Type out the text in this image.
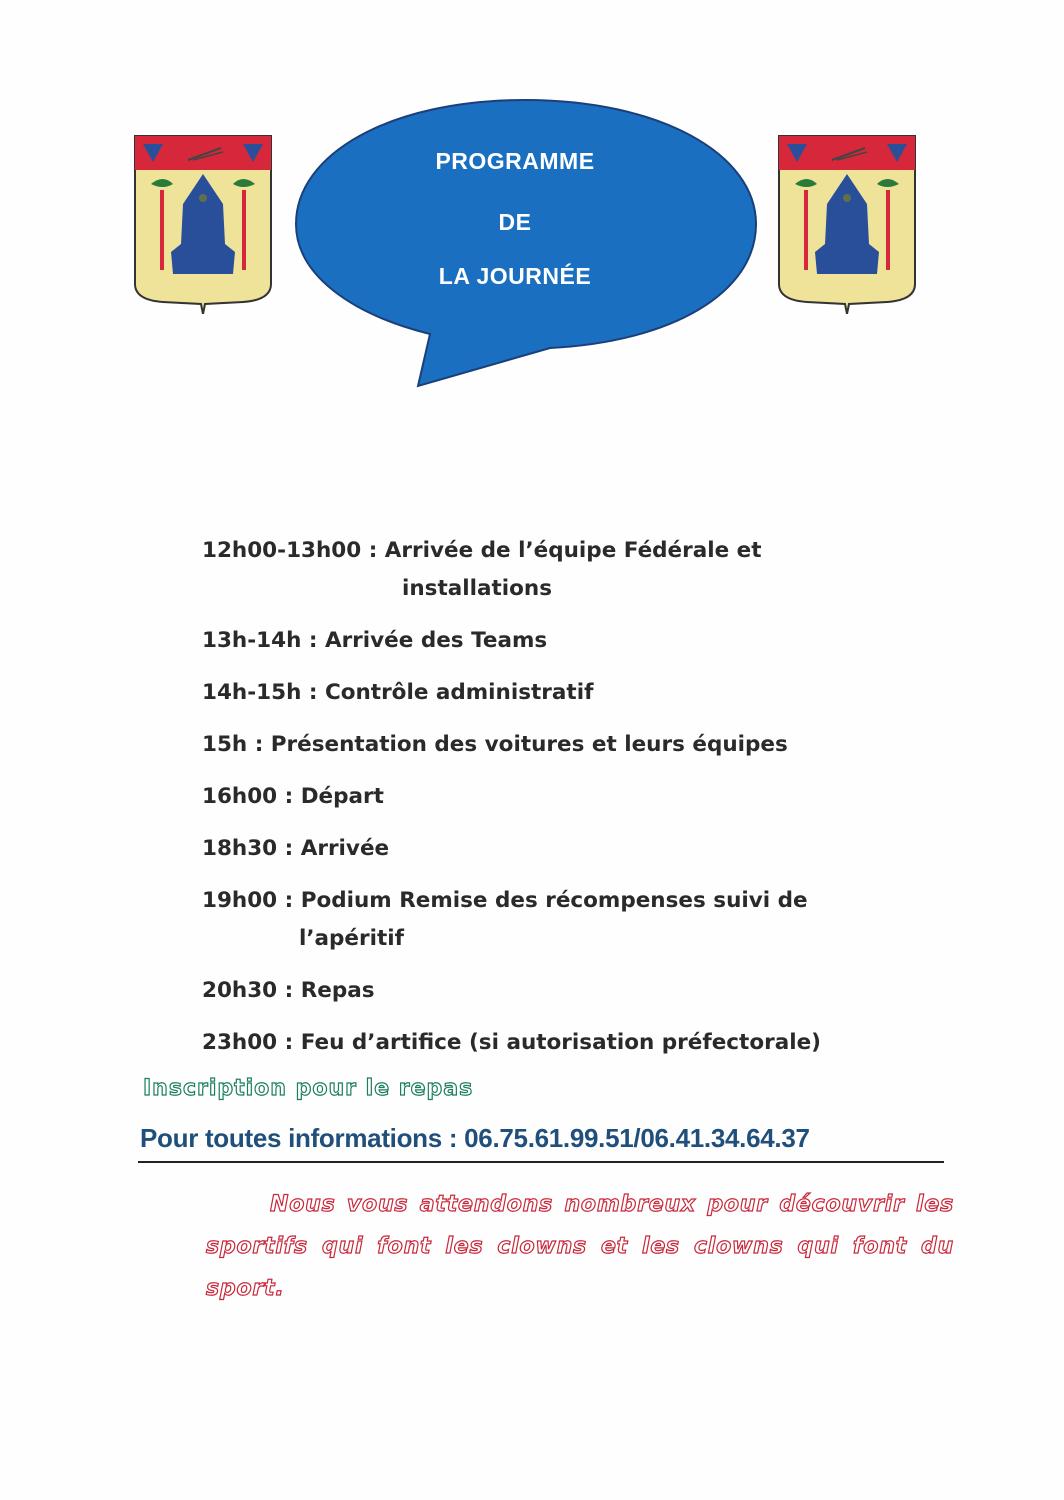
PROGRAMME
DE
LA JOURNÉE
12h00-13h00 : Arrivée de l’équipe Fédérale et
installations
13h-14h : Arrivée des Teams
14h-15h : Contrôle administratif
15h : Présentation des voitures et leurs équipes
16h00 : Départ
18h30 : Arrivée
19h00 : Podium Remise des récompenses suivi de
l’apéritif
20h30 : Repas
23h00 : Feu d’artifice (si autorisation préfectorale)
Inscription pour le repas
Pour toutes informations : 06.75.61.99.51/06.41.34.64.37
Nous vous attendons nombreux pour découvrir les sportifs qui font les clowns et les clowns qui font du sport.
